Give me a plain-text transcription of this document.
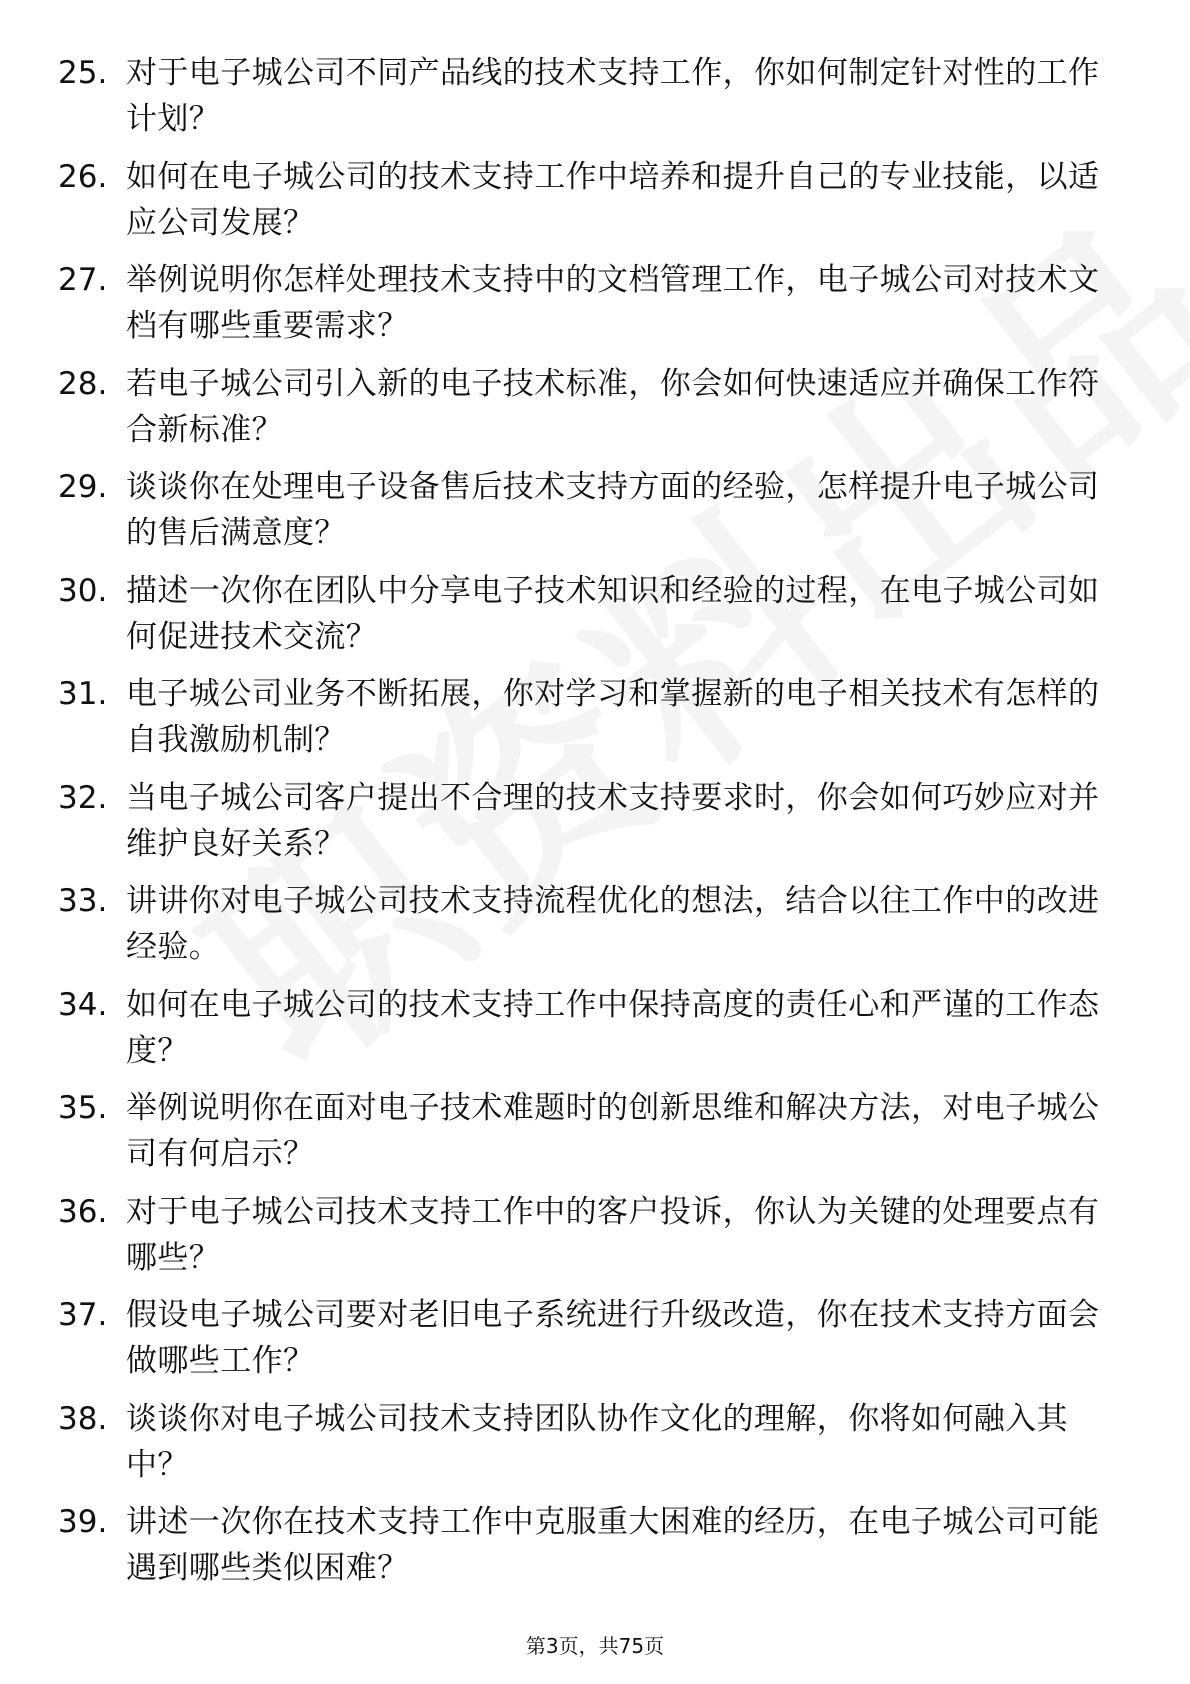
25. 对于电子城公司不同产品线的技术支持工作，你如何制定针对性的工作计划？
26. 如何在电子城公司的技术支持工作中培养和提升自己的专业技能，以适应公司发展？
27. 举例说明你怎样处理技术支持中的文档管理工作，电子城公司对技术文档有哪些重要需求？
28. 若电子城公司引入新的电子技术标准，你会如何快速适应并确保工作符合新标准？
29. 谈谈你在处理电子设备售后技术支持方面的经验，怎样提升电子城公司的售后满意度？
30. 描述一次你在团队中分享电子技术知识和经验的过程，在电子城公司如何促进技术交流？
31. 电子城公司业务不断拓展，你对学习和掌握新的电子相关技术有怎样的自我激励机制？
32. 当电子城公司客户提出不合理的技术支持要求时，你会如何巧妙应对并维护良好关系？
33. 讲讲你对电子城公司技术支持流程优化的想法，结合以往工作中的改进经验。
34. 如何在电子城公司的技术支持工作中保持高度的责任心和严谨的工作态度？
35. 举例说明你在面对电子技术难题时的创新思维和解决方法，对电子城公司有何启示？
36. 对于电子城公司技术支持工作中的客户投诉，你认为关键的处理要点有哪些？
37. 假设电子城公司要对老旧电子系统进行升级改造，你在技术支持方面会做哪些工作？
38. 谈谈你对电子城公司技术支持团队协作文化的理解，你将如何融入其中？
39. 讲述一次你在技术支持工作中克服重大困难的经历，在电子城公司可能遇到哪些类似困难？
第3页，共75页
